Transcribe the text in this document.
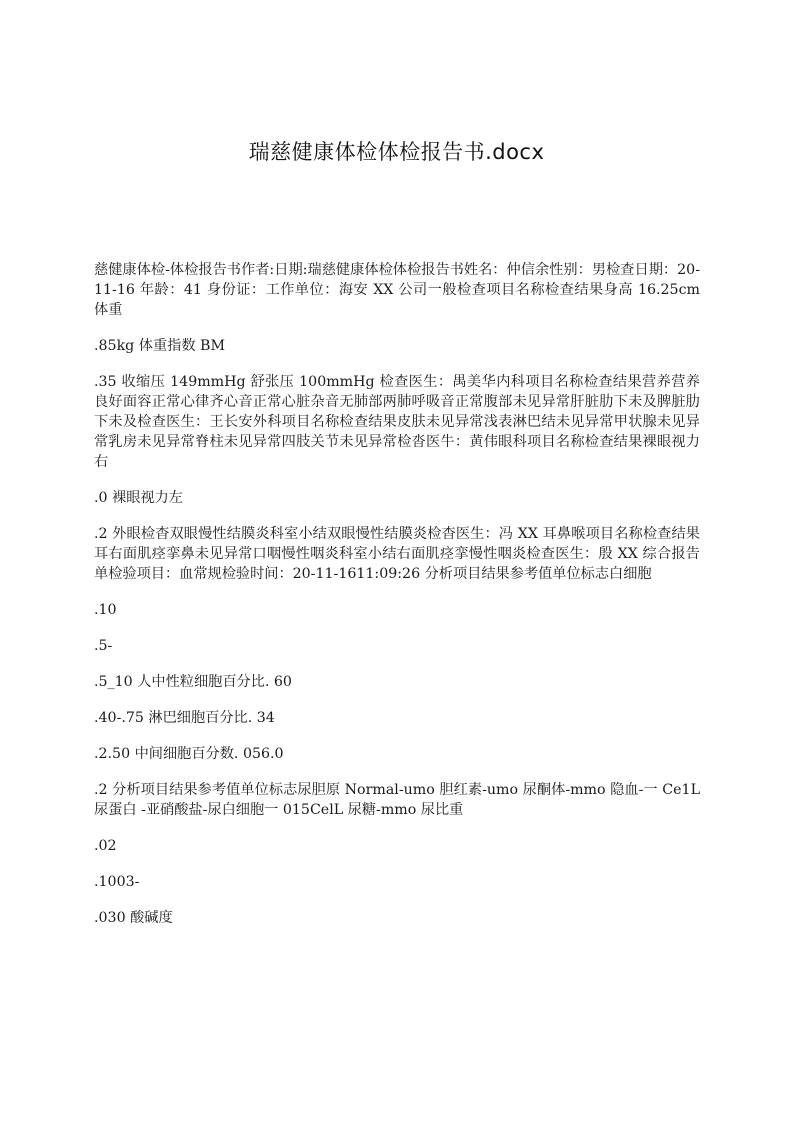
瑞慈健康体检体检报告书.docx

慈健康体检-体检报告书作者:日期:瑞慈健康体检体检报告书姓名：仲信余性别：男检查日期：20-11-16 年龄：41 身份证：工作单位：海安 XX 公司一般检查项目名称检查结果身高 16.25cm 体重

.85kg 体重指数 BM

.35 收缩压 149mmHg 舒张压 100mmHg 检查医生：禺美华内科项目名称检查结果营养营养良好面容正常心律齐心音正常心脏杂音无肺部两肺呼吸音正常腹部未见异常肝脏肋下未及脾脏肋下未及检查医生：王长安外科项目名称检查结果皮肤未见异常浅表淋巴结未见异常甲状腺未见异常乳房未见异常脊柱未见异常四肢关节未见异常检沓医牛：黄伟眼科项目名称检查结果裸眼视力右

.0 裸眼视力左

.2 外眼检杳双眼慢性结膜炎科室小结双眼慢性结膜炎检杳医生：冯 XX 耳鼻喉项目名称检查结果耳右面肌痉挛鼻未见异常口咽慢性咽炎科室小结右面肌痉挛慢性咽炎检查医生：殷 XX 综合报告单检验项目：血常规检验时间：20-11-1611:09:26 分析项目结果参考值单位标志白细胞

.10

.5-

.5_10 人中性粒细胞百分比. 60

.40-.75 淋巴细胞百分比. 34

.2.50 中间细胞百分数. 056.0

.2 分析项目结果参考值单位标志尿胆原 Normal-umo 胆红素-umo 尿酮体-mmo 隐血-一 Ce1L 尿蛋白 -亚硝酸盐-尿白细胞一 015CelL 尿糖-mmo 尿比重

.02

.1003-

.030 酸碱度
